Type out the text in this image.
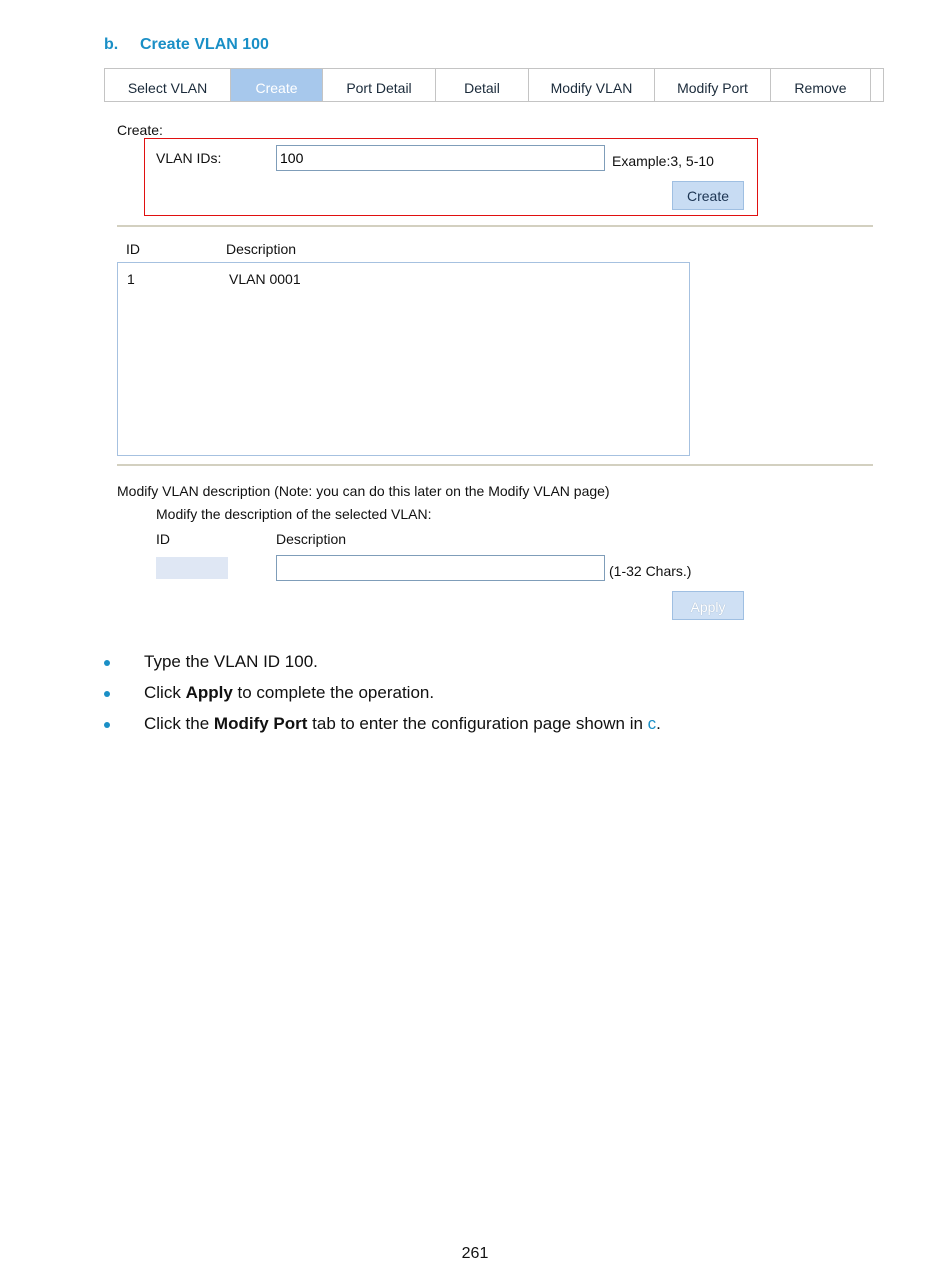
b. Create VLAN 100
Select VLAN	Create	Port Detail	Detail	Modify VLAN	Modify Port	Remove
Create:
VLAN IDs:
100	Example:3, 5-10
Create
ID	Description
1	VLAN 0001
Modify VLAN description (Note: you can do this later on the Modify VLAN page)
Modify the description of the selected VLAN:
ID	Description
(1-32 Chars.)
Apply
Type the VLAN ID 100.
Click Apply to complete the operation.
Click the Modify Port tab to enter the configuration page shown in c.
261
